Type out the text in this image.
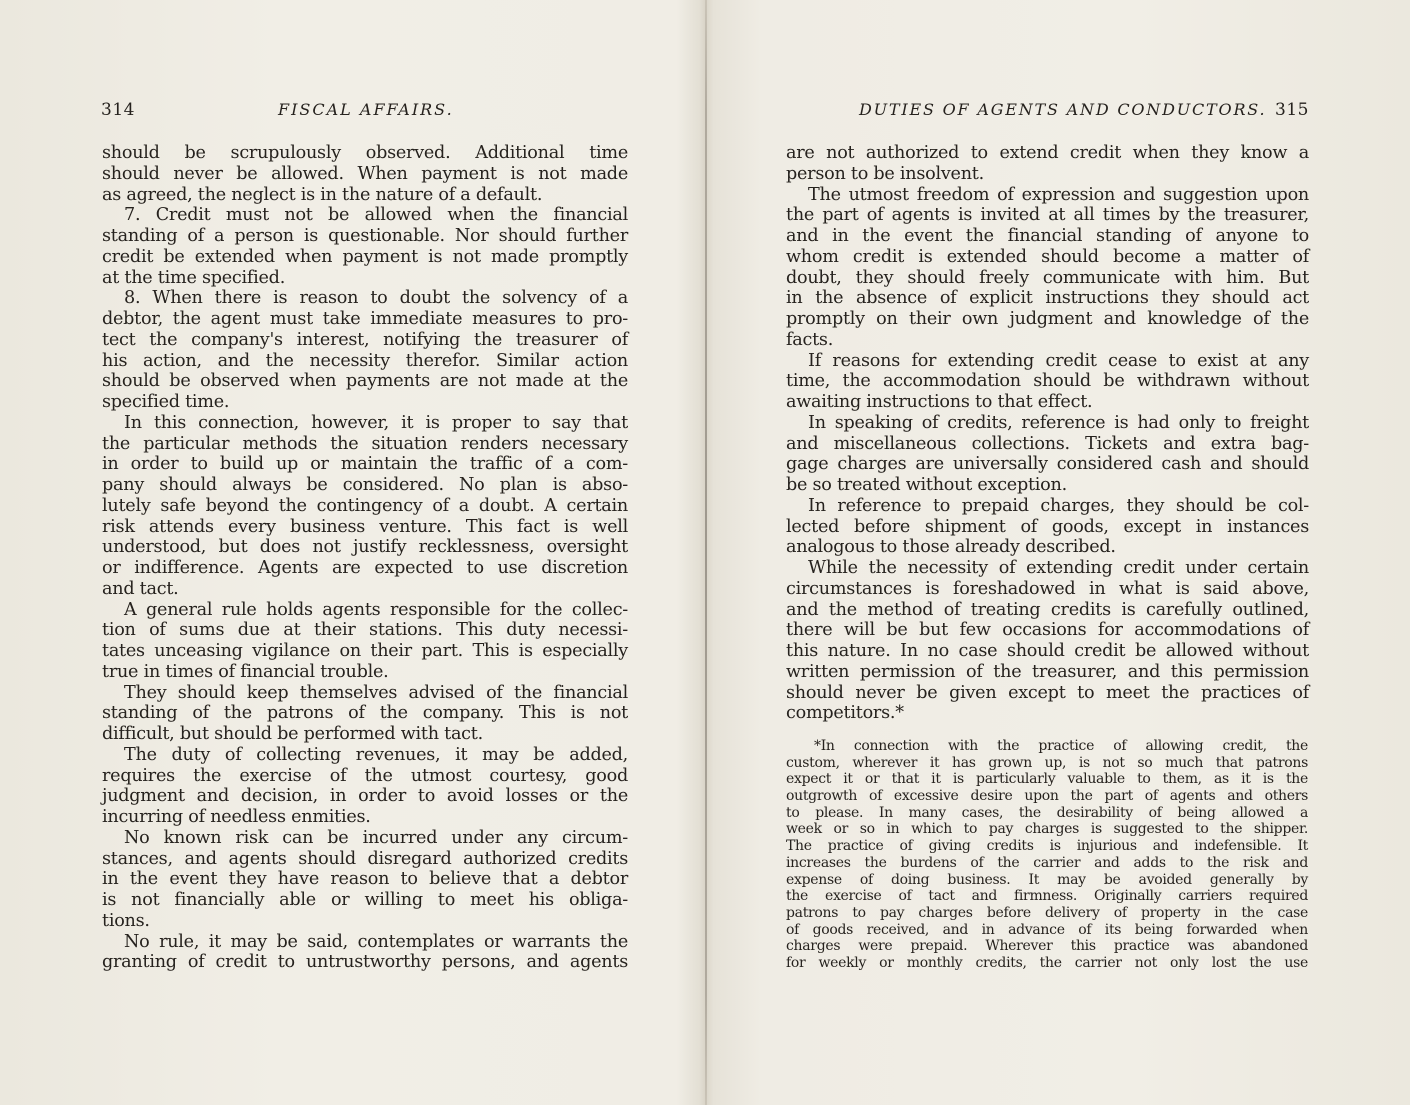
314	FISCAL AFFAIRS.
should be scrupulously observed. Additional time
should never be allowed. When payment is not made
as agreed, the neglect is in the nature of a default.
7. Credit must not be allowed when the financial
standing of a person is questionable. Nor should further
credit be extended when payment is not made promptly
at the time specified.
8. When there is reason to doubt the solvency of a
debtor, the agent must take immediate measures to pro-
tect the company's interest, notifying the treasurer of
his action, and the necessity therefor. Similar action
should be observed when payments are not made at the
specified time.
In this connection, however, it is proper to say that
the particular methods the situation renders necessary
in order to build up or maintain the traffic of a com-
pany should always be considered. No plan is abso-
lutely safe beyond the contingency of a doubt. A certain
risk attends every business venture. This fact is well
understood, but does not justify recklessness, oversight
or indifference. Agents are expected to use discretion
and tact.
A general rule holds agents responsible for the collec-
tion of sums due at their stations. This duty necessi-
tates unceasing vigilance on their part. This is especially
true in times of financial trouble.
They should keep themselves advised of the financial
standing of the patrons of the company. This is not
difficult, but should be performed with tact.
The duty of collecting revenues, it may be added,
requires the exercise of the utmost courtesy, good
judgment and decision, in order to avoid losses or the
incurring of needless enmities.
No known risk can be incurred under any circum-
stances, and agents should disregard authorized credits
in the event they have reason to believe that a debtor
is not financially able or willing to meet his obliga-
tions.
No rule, it may be said, contemplates or warrants the
granting of credit to untrustworthy persons, and agents
DUTIES OF AGENTS AND CONDUCTORS. 315
are not authorized to extend credit when they know a
person to be insolvent.
The utmost freedom of expression and suggestion upon
the part of agents is invited at all times by the treasurer,
and in the event the financial standing of anyone to
whom credit is extended should become a matter of
doubt, they should freely communicate with him. But
in the absence of explicit instructions they should act
promptly on their own judgment and knowledge of the
facts.
If reasons for extending credit cease to exist at any
time, the accommodation should be withdrawn without
awaiting instructions to that effect.
In speaking of credits, reference is had only to freight
and miscellaneous collections. Tickets and extra bag-
gage charges are universally considered cash and should
be so treated without exception.
In reference to prepaid charges, they should be col-
lected before shipment of goods, except in instances
analogous to those already described.
While the necessity of extending credit under certain
circumstances is foreshadowed in what is said above,
and the method of treating credits is carefully outlined,
there will be but few occasions for accommodations of
this nature. In no case should credit be allowed without
written permission of the treasurer, and this permission
should never be given except to meet the practices of
competitors.*
*In connection with the practice of allowing credit, the
custom, wherever it has grown up, is not so much that patrons
expect it or that it is particularly valuable to them, as it is the
outgrowth of excessive desire upon the part of agents and others
to please. In many cases, the desirability of being allowed a
week or so in which to pay charges is suggested to the shipper.
The practice of giving credits is injurious and indefensible. It
increases the burdens of the carrier and adds to the risk and
expense of doing business. It may be avoided generally by
the exercise of tact and firmness. Originally carriers required
patrons to pay charges before delivery of property in the case
of goods received, and in advance of its being forwarded when
charges were prepaid. Wherever this practice was abandoned
for weekly or monthly credits, the carrier not only lost the use
